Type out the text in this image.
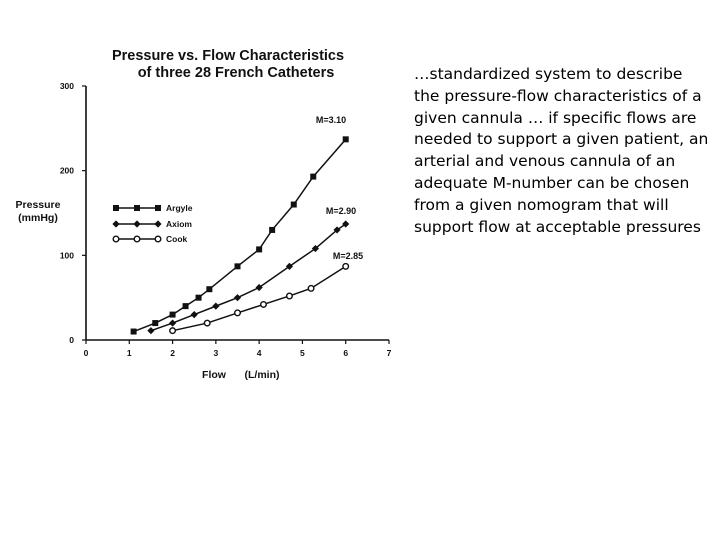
Pressure vs. Flow Characteristics
of three 28 French Catheters
0
100
200
300
0	1	2	3	4	5	6	7
Argyle
Axiom
Cook
M=3.10
M=2.90
M=2.85
Pressure
(mmHg)
Flow (L/min)

…standardized system to describe the pressure-flow characteristics of a given cannula … if specific flows are needed to support a given patient, an arterial and venous cannula of an adequate M-number can be chosen from a given nomogram that will support flow at acceptable pressures
